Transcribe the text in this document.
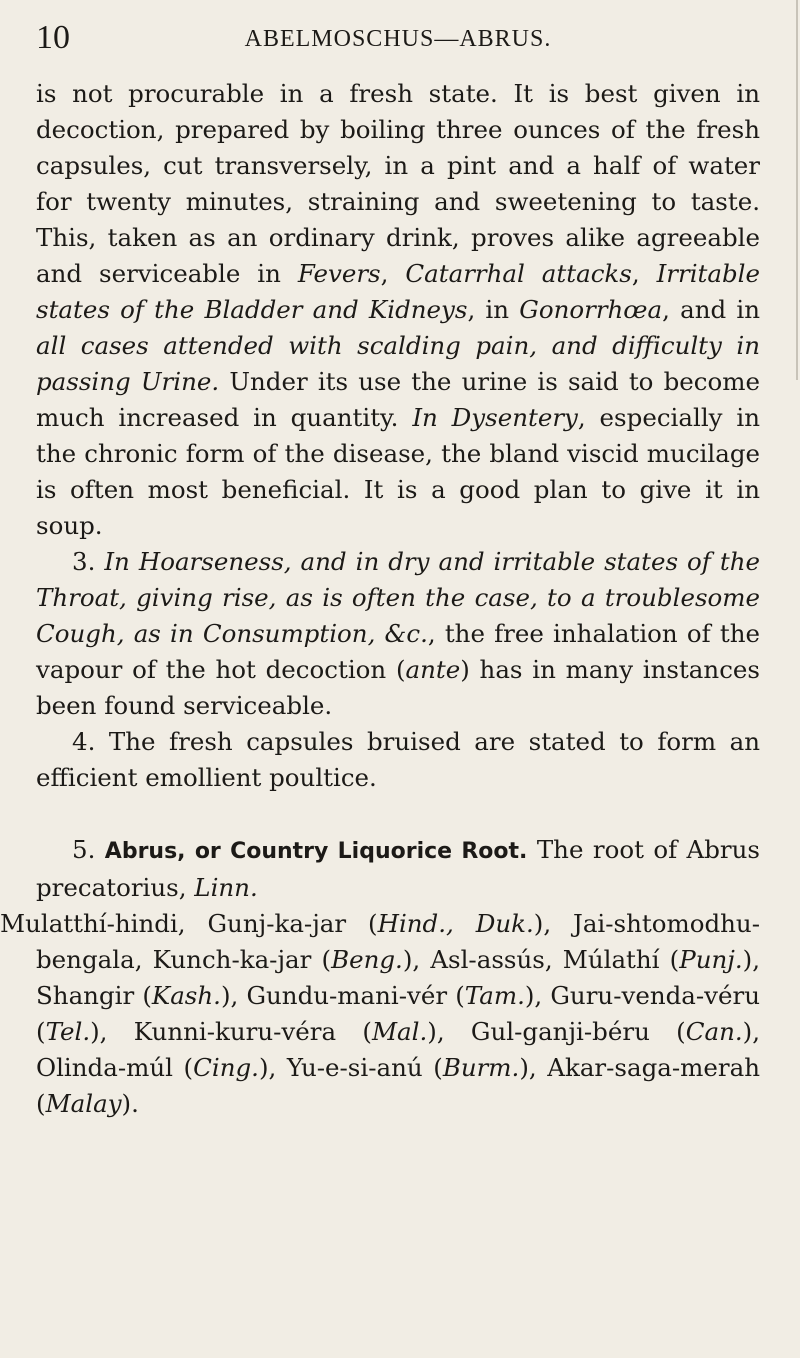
10	ABELMOSCHUS—ABRUS.

is not procurable in a fresh state. It is best given in decoction, prepared by boiling three ounces of the fresh capsules, cut transversely, in a pint and a half of water for twenty minutes, straining and sweetening to taste. This, taken as an ordinary drink, proves alike agreeable and serviceable in Fevers, Catarrhal attacks, Irritable states of the Bladder and Kidneys, in Gonorrhœa, and in all cases attended with scalding pain, and difficulty in passing Urine. Under its use the urine is said to become much increased in quantity. In Dysentery, especially in the chronic form of the disease, the bland viscid mucilage is often most beneficial. It is a good plan to give it in soup.

3. In Hoarseness, and in dry and irritable states of the Throat, giving rise, as is often the case, to a troublesome Cough, as in Consumption, &c., the free inhalation of the vapour of the hot decoction (ante) has in many instances been found serviceable.

4. The fresh capsules bruised are stated to form an efficient emollient poultice.

5. Abrus, or Country Liquorice Root. The root of Abrus precatorius, Linn.

Mulatthí-hindi, Gunj-ka-jar (Hind., Duk.), Jai-shtomodhu-bengala, Kunch-ka-jar (Beng.), Asl-assús, Múlathí (Punj.), Shangir (Kash.), Gundu-mani-vér (Tam.), Guru-venda-véru (Tel.), Kunni-kuru-véra (Mal.), Gul-ganji-béru (Can.), Olinda-múl (Cing.), Yu-e-si-anú (Burm.), Akar-saga-merah (Malay).
